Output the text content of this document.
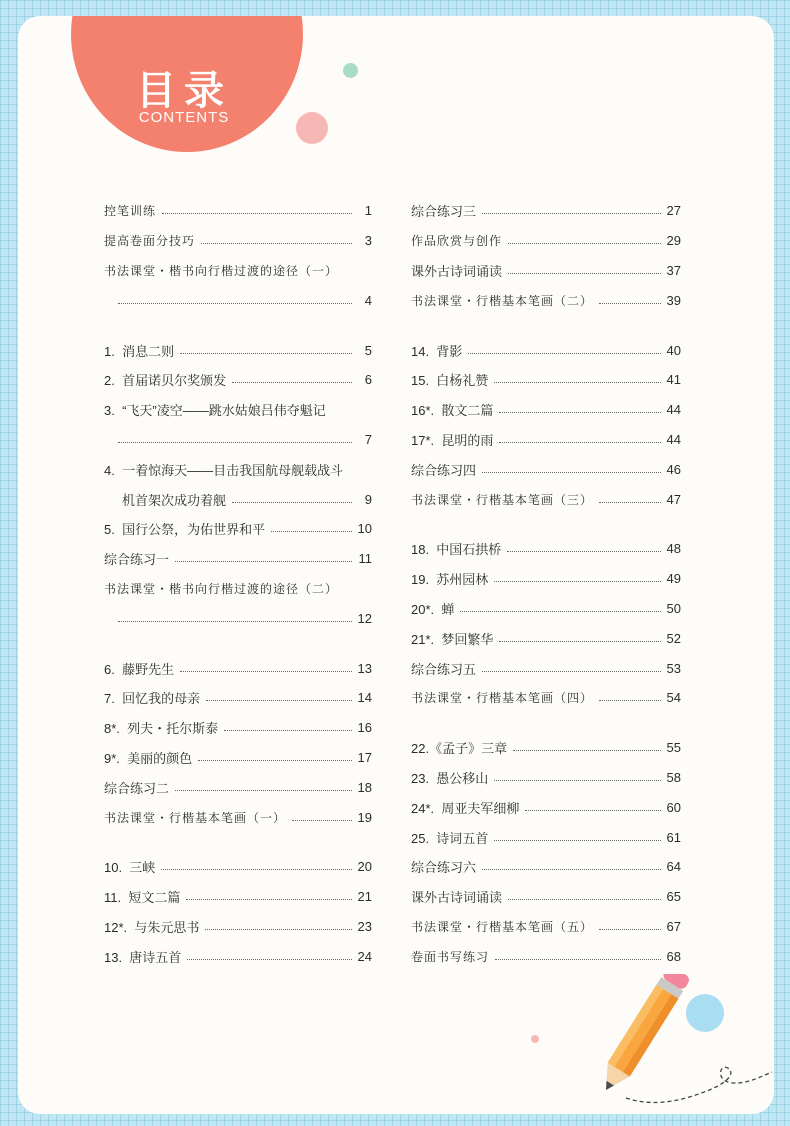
目录
CONTENTS
控笔训练	1
提高卷面分技巧	3
书法课堂・楷书向行楷过渡的途径（一）
4
1.  消息二则	5
2.  首届诺贝尔奖颁发	6
3.  “飞天”凌空——跳水姑娘吕伟夺魁记
7
4.  一着惊海天——目击我国航母舰载战斗
机首架次成功着舰	9
5.  国行公祭，为佑世界和平	10
综合练习一	11
书法课堂・楷书向行楷过渡的途径（二）
12
6.  藤野先生	13
7.  回忆我的母亲	14
8*.  列夫・托尔斯泰	16
9*.  美丽的颜色	17
综合练习二	18
书法课堂・行楷基本笔画（一）	19
10.  三峡	20
11.  短文二篇	21
12*.  与朱元思书	23
13.  唐诗五首	24
综合练习三	27
作品欣赏与创作	29
课外古诗词诵读	37
书法课堂・行楷基本笔画（二）	39
14.  背影	40
15.  白杨礼赞	41
16*.  散文二篇	44
17*.  昆明的雨	44
综合练习四	46
书法课堂・行楷基本笔画（三）	47
18.  中国石拱桥	48
19.  苏州园林	49
20*.  蝉	50
21*.  梦回繁华	52
综合练习五	53
书法课堂・行楷基本笔画（四）	54
22.《孟子》三章	55
23.  愚公移山	58
24*.  周亚夫军细柳	60
25.  诗词五首	61
综合练习六	64
课外古诗词诵读	65
书法课堂・行楷基本笔画（五）	67
卷面书写练习	68
